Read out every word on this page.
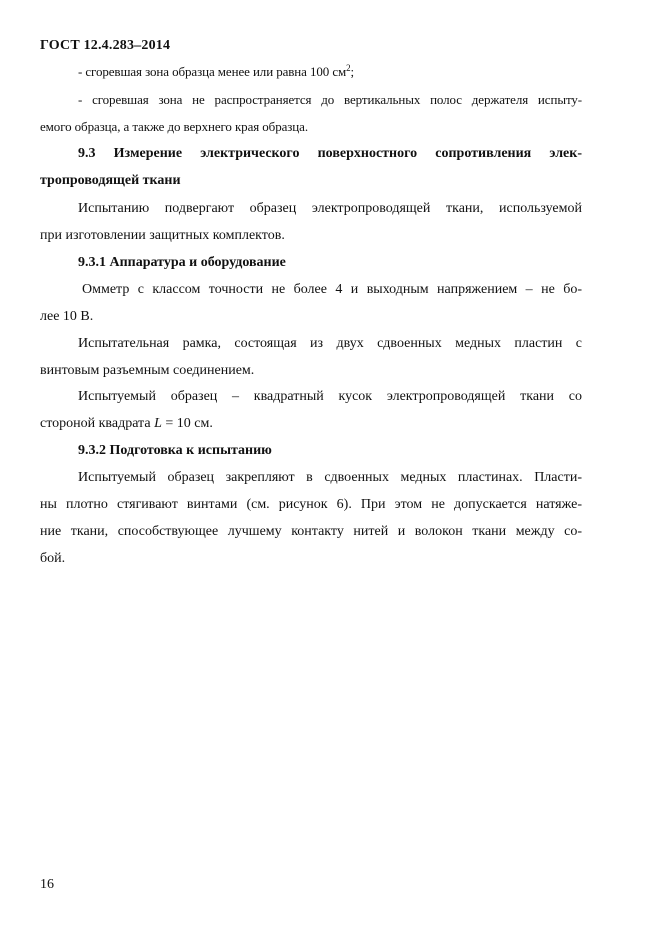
ГОСТ 12.4.283–2014
- сгоревшая зона образца менее или равна 100 $см^2$;
- сгоревшая зона не распространяется до вертикальных полос держателя испыту-
емого образца, а также до верхнего края образца.
9.3 Измерение электрического поверхностного сопротивления элек-
тропроводящей ткани
Испытанию подвергают образец электропроводящей ткани, используемой
при изготовлении защитных комплектов.
9.3.1 Аппаратура и оборудование
Омметр с классом точности не более 4 и выходным напряжением – не бо-
лее 10 В.
Испытательная рамка, состоящая из двух сдвоенных медных пластин с
винтовым разъемным соединением.
Испытуемый образец – квадратный кусок электропроводящей ткани со
стороной квадрата L = 10 см.
9.3.2 Подготовка к испытанию
Испытуемый образец закрепляют в сдвоенных медных пластинах. Пласти-
ны плотно стягивают винтами (см. рисунок 6). При этом не допускается натяже-
ние ткани, способствующее лучшему контакту нитей и волокон ткани между со-
бой.
16
